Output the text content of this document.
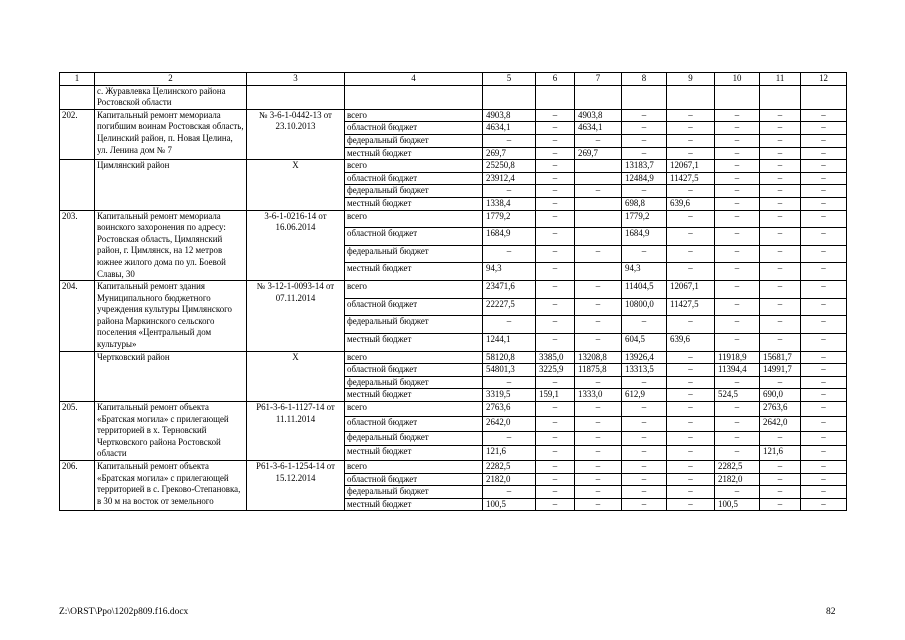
1	2	3	4	5	6	7	8	9	10	11	12
	с. Журавлевка Целинского района Ростовской области										
202.	Капитальный ремонт мемориала погибшим воинам Ростовская область, Целинский район, п. Новая Целина, ул. Ленина дом № 7	№ 3-6-1-0442-13 от 23.10.2013	всего	4903,8	–	4903,8	–	–	–	–	–
			областной бюджет	4634,1	–	4634,1	–	–	–	–	–
			федеральный бюджет	–	–	–	–	–	–	–	–
			местный бюджет	269,7	–	269,7	–	–	–	–	–
	Цимлянский район	Х	всего	25250,8	–		13183,7	12067,1	–	–	–
			областной бюджет	23912,4	–		12484,9	11427,5	–	–	–
			федеральный бюджет	–	–	–	–	–	–	–	–
			местный бюджет	1338,4	–		698,8	639,6	–	–	–
203.	Капитальный ремонт мемориала воинского захоронения по адресу: Ростовская область, Цимлянский район, г. Цимлянск, на 12 метров южнее жилого дома по ул. Боевой Славы, 30	3-6-1-0216-14 от 16.06.2014	всего	1779,2	–		1779,2	–	–	–	–
			областной бюджет	1684,9	–		1684,9	–	–	–	–
			федеральный бюджет	–	–	–	–	–	–	–	–
			местный бюджет	94,3	–		94,3	–	–	–	–
204.	Капитальный ремонт здания Муниципального бюджетного учреждения культуры Цимлянского района Маркинского сельского поселения «Центральный дом культуры»	№ 3-12-1-0093-14 от 07.11.2014	всего	23471,6	–	–	11404,5	12067,1	–	–	–
			областной бюджет	22227,5	–	–	10800,0	11427,5	–	–	–
			федеральный бюджет	–	–	–	–	–	–	–	–
			местный бюджет	1244,1	–	–	604,5	639,6	–	–	–
	Чертковский район	Х	всего	58120,8	3385,0	13208,8	13926,4	–	11918,9	15681,7	–
			областной бюджет	54801,3	3225,9	11875,8	13313,5	–	11394,4	14991,7	–
			федеральный бюджет	–	–	–	–	–	–	–	–
			местный бюджет	3319,5	159,1	1333,0	612,9	–	524,5	690,0	–
205.	Капитальный ремонт объекта «Братская могила» с прилегающей территорией в х. Терновский Чертковского района Ростовской области	Р61-3-6-1-1127-14 от 11.11.2014	всего	2763,6	–	–	–	–	–	2763,6	–
			областной бюджет	2642,0	–	–	–	–	–	2642,0	–
			федеральный бюджет	–	–	–	–	–	–	–	–
			местный бюджет	121,6	–	–	–	–	–	121,6	–
206.	Капитальный ремонт объекта «Братская могила» с прилегающей территорией в с. Греково-Степановка, в 30 м на восток от земельного	Р61-3-6-1-1254-14 от 15.12.2014	всего	2282,5	–	–	–	–	2282,5	–	–
			областной бюджет	2182,0	–	–	–	–	2182,0	–	–
			федеральный бюджет	–	–	–	–	–	–	–	–
			местный бюджет	100,5	–	–	–	–	100,5	–	–
Z:\ORST\Ppo\1202p809.f16.docx	82
